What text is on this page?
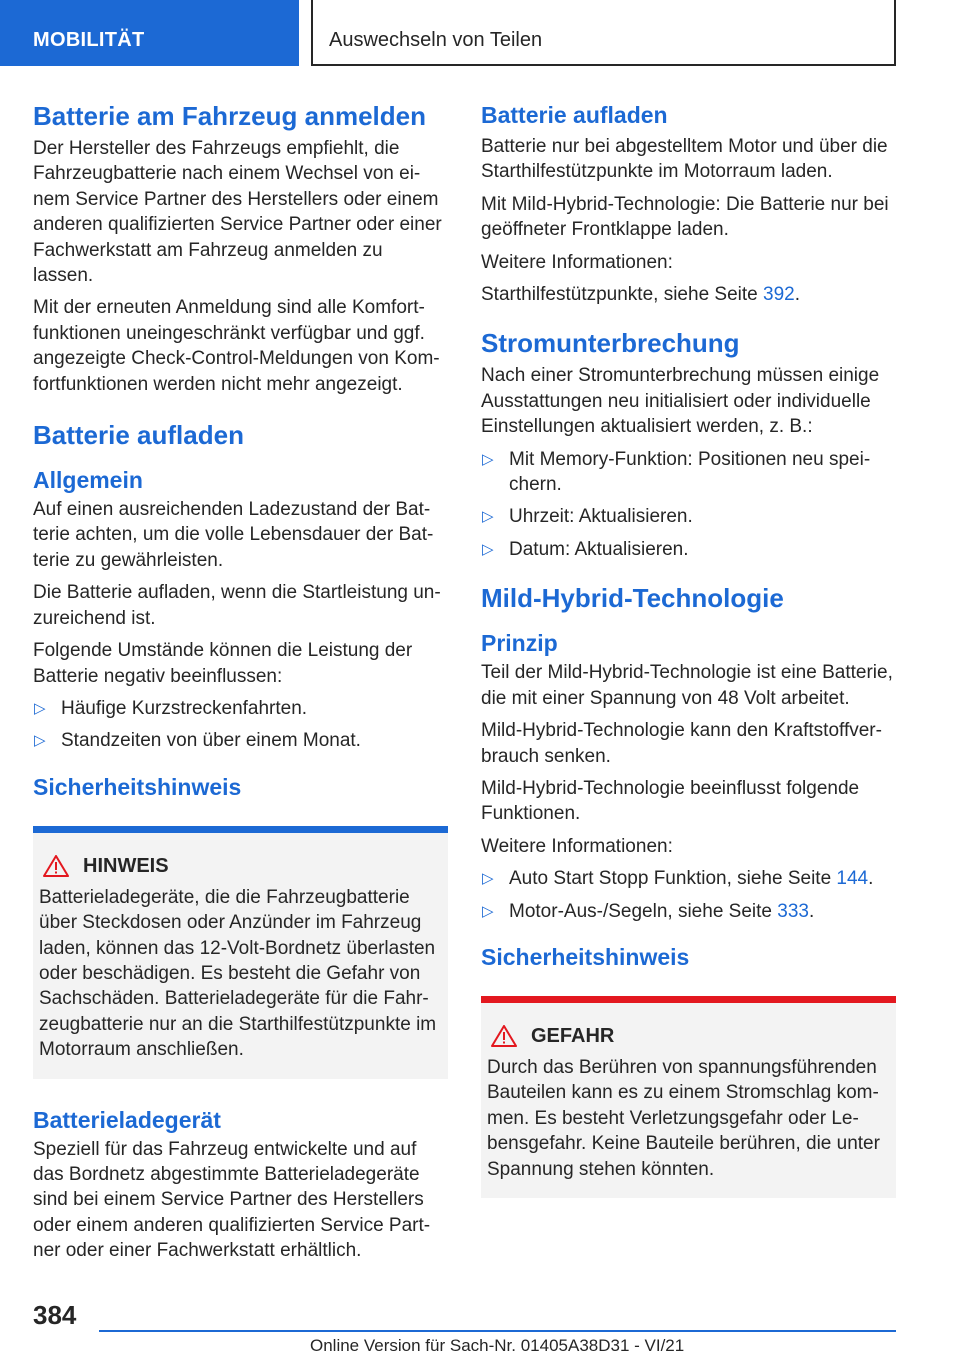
MOBILITÄT	Auswechseln von Teilen
Batterie am Fahrzeug anmelden

Der Hersteller des Fahrzeugs empfiehlt, die Fahrzeugbatterie nach einem Wechsel von einem Service Partner des Herstellers oder einem anderen qualifizierten Service Partner oder einer Fachwerkstatt am Fahrzeug anmelden zu lassen.

Mit der erneuten Anmeldung sind alle Komfortfunktionen uneingeschränkt verfügbar und ggf. angezeigte Check-Control-Meldungen von Komfortfunktionen werden nicht mehr angezeigt.

Batterie aufladen
Allgemein

Auf einen ausreichenden Ladezustand der Batterie achten, um die volle Lebensdauer der Batterie zu gewährleisten.

Die Batterie aufladen, wenn die Startleistung unzureichend ist.

Folgende Umstände können die Leistung der Batterie negativ beeinflussen:

▷ Häufige Kurzstreckenfahrten.
▷ Standzeiten von über einem Monat.
Sicherheitshinweis
HINWEIS

Batterieladegeräte, die die Fahrzeugbatterie über Steckdosen oder Anzünder im Fahrzeug laden, können das 12-Volt-Bordnetz überlasten oder beschädigen. Es besteht die Gefahr von Sachschäden. Batterieladegeräte für die Fahrzeugbatterie nur an die Starthilfestützpunkte im Motorraum anschließen.

Batterieladegerät

Speziell für das Fahrzeug entwickelte und auf das Bordnetz abgestimmte Batterieladegeräte sind bei einem Service Partner des Herstellers oder einem anderen qualifizierten Service Partner oder einer Fachwerkstatt erhältlich.

Batterie aufladen

Batterie nur bei abgestelltem Motor und über die Starthilfestützpunkte im Motorraum laden.

Mit Mild-Hybrid-Technologie: Die Batterie nur bei geöffneter Frontklappe laden.

Weitere Informationen:

Starthilfestützpunkte, siehe Seite 392.

Stromunterbrechung

Nach einer Stromunterbrechung müssen einige Ausstattungen neu initialisiert oder individuelle Einstellungen aktualisiert werden, z. B.:

▷ Mit Memory-Funktion: Positionen neu speichern.
▷ Uhrzeit: Aktualisieren.
▷ Datum: Aktualisieren.
Mild-Hybrid-Technologie
Prinzip

Teil der Mild-Hybrid-Technologie ist eine Batterie, die mit einer Spannung von 48 Volt arbeitet.

Mild-Hybrid-Technologie kann den Kraftstoffverbrauch senken.

Mild-Hybrid-Technologie beeinflusst folgende Funktionen.

Weitere Informationen:

▷ Auto Start Stopp Funktion, siehe Seite 144.
▷ Motor-Aus-/Segeln, siehe Seite 333.
Sicherheitshinweis
GEFAHR

Durch das Berühren von spannungsführenden Bauteilen kann es zu einem Stromschlag kommen. Es besteht Verletzungsgefahr oder Lebensgefahr. Keine Bauteile berühren, die unter Spannung stehen könnten.

384
Online Version für Sach-Nr. 01405A38D31 - VI/21
